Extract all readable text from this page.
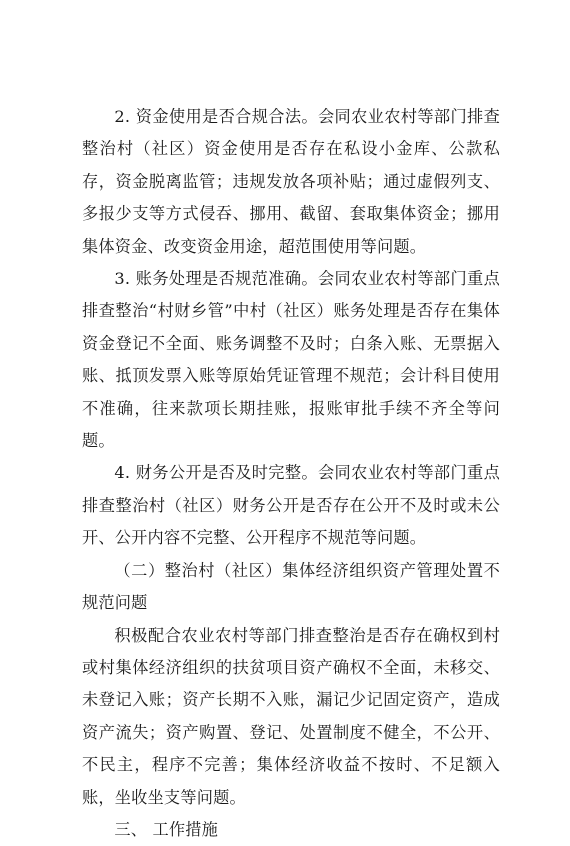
2. 资金使用是否合规合法。会同农业农村等部门排查整治村（社区）资金使用是否存在私设小金库、公款私存，资金脱离监管；违规发放各项补贴；通过虚假列支、多报少支等方式侵吞、挪用、截留、套取集体资金；挪用集体资金、改变资金用途，超范围使用等问题。

3. 账务处理是否规范准确。会同农业农村等部门重点排查整治“村财乡管”中村（社区）账务处理是否存在集体资金登记不全面、账务调整不及时；白条入账、无票据入账、抵顶发票入账等原始凭证管理不规范；会计科目使用不准确，往来款项长期挂账，报账审批手续不齐全等问题。

4. 财务公开是否及时完整。会同农业农村等部门重点排查整治村（社区）财务公开是否存在公开不及时或未公开、公开内容不完整、公开程序不规范等问题。

（二）整治村（社区）集体经济组织资产管理处置不规范问题

积极配合农业农村等部门排查整治是否存在确权到村或村集体经济组织的扶贫项目资产确权不全面，未移交、未登记入账；资产长期不入账，漏记少记固定资产，造成资产流失；资产购置、登记、处置制度不健全，不公开、不民主，程序不完善；集体经济收益不按时、不足额入账，坐收坐支等问题。

三、 工作措施
